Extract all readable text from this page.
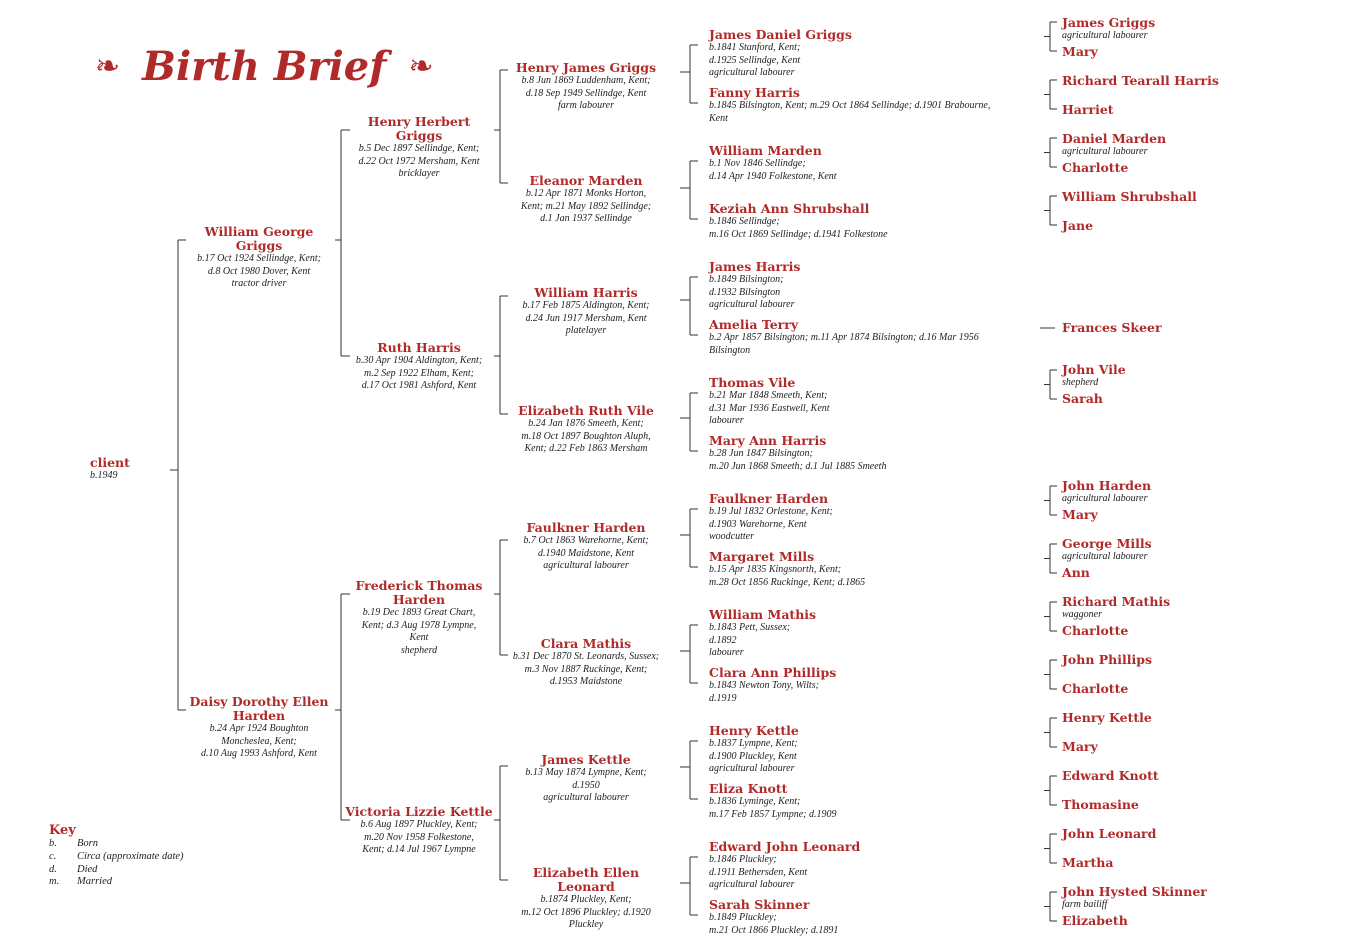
❧ Birth Brief ❧
client
b.1949
William George Griggs
b.17 Oct 1924 Sellindge, Kent;
d.8 Oct 1980 Dover, Kent
tractor driver
Daisy Dorothy Ellen Harden
b.24 Apr 1924 Boughton
Monchesleа, Kent;
d.10 Aug 1993 Ashford, Kent
Henry Herbert Griggs
b.5 Dec 1897 Sellindge, Kent;
d.22 Oct 1972 Mersham, Kent
bricklayer
Ruth Harris
b.30 Apr 1904 Aldington, Kent;
m.2 Sep 1922 Elham, Kent;
d.17 Oct 1981 Ashford, Kent
Frederick Thomas Harden
b.19 Dec 1893 Great Chart,
Kent; d.3 Aug 1978 Lympne,
Kent
shepherd
Victoria Lizzie Kettle
b.6 Aug 1897 Pluckley, Kent;
m.20 Nov 1958 Folkestone,
Kent; d.14 Jul 1967 Lympne
Henry James Griggs
b.8 Jun 1869 Luddenham, Kent;
d.18 Sep 1949 Sellindge, Kent
farm labourer
Eleanor Marden
b.12 Apr 1871 Monks Horton,
Kent; m.21 May 1892 Sellindge;
d.1 Jan 1937 Sellindge
William Harris
b.17 Feb 1875 Aldington, Kent;
d.24 Jun 1917 Mersham, Kent
platelayer
Elizabeth Ruth Vile
b.24 Jan 1876 Smeeth, Kent;
m.18 Oct 1897 Boughton Aluph,
Kent; d.22 Feb 1863 Mersham
Faulkner Harden
b.7 Oct 1863 Warehorne, Kent;
d.1940 Maidstone, Kent
agricultural labourer
Clara Mathis
b.31 Dec 1870 St. Leonards, Sussex;
m.3 Nov 1887 Ruckinge, Kent;
d.1953 Maidstone
James Kettle
b.13 May 1874 Lympne, Kent;
d.1950
agricultural labourer
Elizabeth Ellen Leonard
b.1874 Pluckley, Kent;
m.12 Oct 1896 Pluckley; d.1920
Pluckley
James Daniel Griggs
b.1841 Stanford, Kent;
d.1925 Sellindge, Kent
agricultural labourer
Fanny Harris
b.1845 Bilsington, Kent; m.29 Oct 1864 Sellindge; d.1901 Brabourne,
Kent
William Marden
b.1 Nov 1846 Sellindge;
d.14 Apr 1940 Folkestone, Kent
Keziah Ann Shrubshall
b.1846 Sellindge;
m.16 Oct 1869 Sellindge; d.1941 Folkestone
James Harris
b.1849 Bilsington;
d.1932 Bilsington
agricultural labourer
Amelia Terry
b.2 Apr 1857 Bilsington; m.11 Apr 1874 Bilsington; d.16 Mar 1956
Bilsington
Thomas Vile
b.21 Mar 1848 Smeeth, Kent;
d.31 Mar 1936 Eastwell, Kent
labourer
Mary Ann Harris
b.28 Jun 1847 Bilsington;
m.20 Jun 1868 Smeeth; d.1 Jul 1885 Smeeth
Faulkner Harden
b.19 Jul 1832 Orlestone, Kent;
d.1903 Warehorne, Kent
woodcutter
Margaret Mills
b.15 Apr 1835 Kingsnorth, Kent;
m.28 Oct 1856 Ruckinge, Kent; d.1865
William Mathis
b.1843 Pett, Sussex;
d.1892
labourer
Clara Ann Phillips
b.1843 Newton Tony, Wilts;
d.1919
Henry Kettle
b.1837 Lympne, Kent;
d.1900 Pluckley, Kent
agricultural labourer
Eliza Knott
b.1836 Lyminge, Kent;
m.17 Feb 1857 Lympne; d.1909
Edward John Leonard
b.1846 Pluckley;
d.1911 Bethersden, Kent
agricultural labourer
Sarah Skinner
b.1849 Pluckley;
m.21 Oct 1866 Pluckley; d.1891
James Griggs
agricultural labourer
Mary
Richard Tearall Harris
Harriet
Daniel Marden
agricultural labourer
Charlotte
William Shrubshall
Jane
Frances Skeer
John Vile
shepherd
Sarah
John Harden
agricultural labourer
Mary
George Mills
agricultural labourer
Ann
Richard Mathis
waggoner
Charlotte
John Phillips
Charlotte
Henry Kettle
Mary
Edward Knott
Thomasine
John Leonard
Martha
John Hysted Skinner
farm bailiff
Elizabeth
Key
b.	Born
c.	Circa (approximate date)
d.	Died
m.	Married
